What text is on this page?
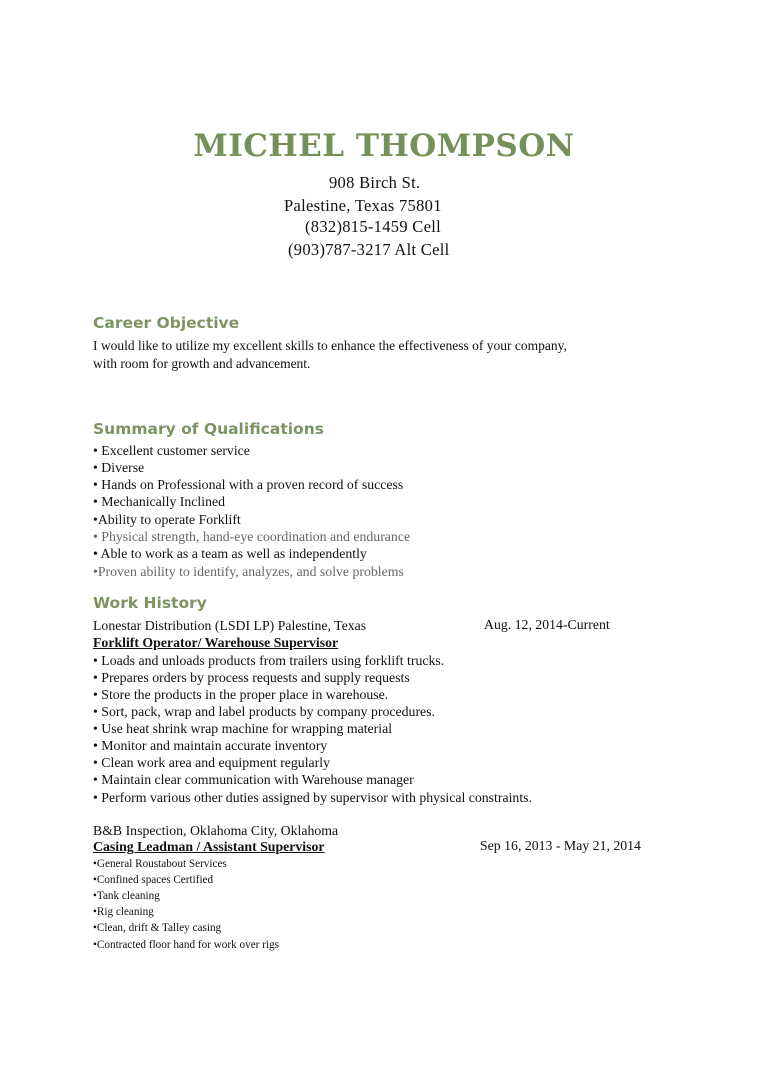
MICHEL THOMPSON
908 Birch St.
Palestine, Texas 75801
(832)815-1459 Cell
(903)787-3217 Alt Cell
Career Objective

I would like to utilize my excellent skills to enhance the effectiveness of your company,

with room for growth and advancement.

Summary of Qualifications
• Excellent customer service
• Diverse
• Hands on Professional with a proven record of success
• Mechanically Inclined
•Ability to operate Forklift
• Physical strength, hand-eye coordination and endurance
• Able to work as a team as well as independently
•Proven ability to identify, analyzes, and solve problems
Work History
Lonestar Distribution (LSDI LP) Palestine, Texas	Aug. 12, 2014-Current
Forklift Operator/ Warehouse Supervisor
• Loads and unloads products from trailers using forklift trucks.
• Prepares orders by process requests and supply requests
• Store the products in the proper place in warehouse.
• Sort, pack, wrap and label products by company procedures.
• Use heat shrink wrap machine for wrapping material
• Monitor and maintain accurate inventory
• Clean work area and equipment regularly
• Maintain clear communication with Warehouse manager
• Perform various other duties assigned by supervisor with physical constraints.
B&B Inspection, Oklahoma City, Oklahoma
Casing Leadman / Assistant Supervisor	Sep 16, 2013 - May 21, 2014
•General Roustabout Services
•Confined spaces Certified
•Tank cleaning
•Rig cleaning
•Clean, drift & Talley casing
•Contracted floor hand for work over rigs
